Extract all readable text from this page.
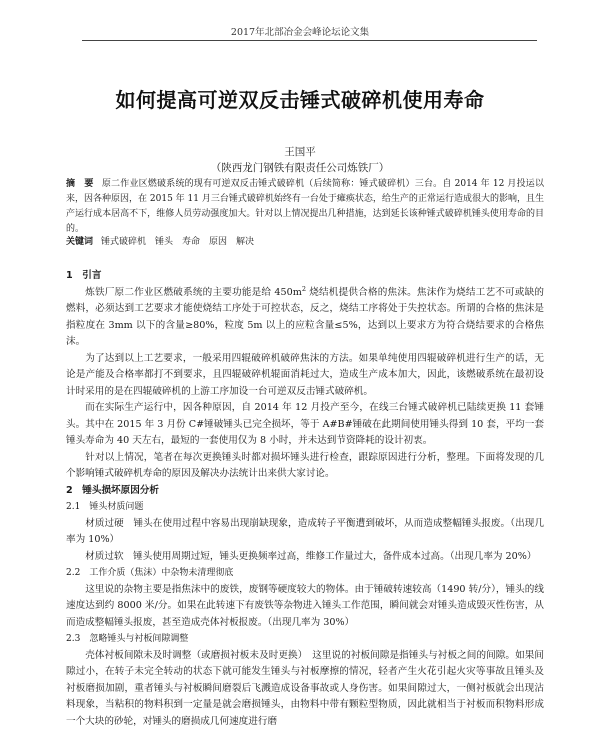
2017年北部冶金会峰论坛论文集
如何提高可逆双反击锤式破碎机使用寿命
王国平
（陕西龙门钢铁有限责任公司炼铁厂）
摘　要 原二作业区燃破系统的现有可逆双反击锤式破碎机（后续简称：锤式破碎机）三台。自 2014 年 12 月投运以来，因各种原因，在 2015 年 11 月三台锤式破碎机始终有一台处于瘫痪状态，给生产的正常运行造成很大的影响，且生产运行成本居高不下，维修人员劳动强度加大。针对以上情况提出几种措施，达到延长该种锤式破碎机锤头使用寿命的目的。
关键词 锤式破碎机　锤头　寿命　原因　解决

1　引言

炼铁厂原二作业区燃破系统的主要功能是给 $450m^2$ 烧结机提供合格的焦沫。焦沫作为烧结工艺不可或缺的燃料，必须达到工艺要求才能使烧结工序处于可控状态，反之，烧结工序将处于失控状态。所谓的合格的焦沫是指粒度在 3mm 以下的含量≥80%，粒度 5m 以上的应粒含量≤5%，达到以上要求方为符合烧结要求的合格焦沫。

为了达到以上工艺要求，一般采用四辊破碎机破碎焦沫的方法。如果单纯使用四辊破碎机进行生产的话，无论是产能及合格率都打不到要求，且四辊破碎机辊面消耗过大，造成生产成本加大，因此，该燃破系统在最初设计时采用的是在四辊破碎机的上游工序加设一台可逆双反击锤式破碎机。

而在实际生产运行中，因各种原因，自 2014 年 12 月投产至今，在线三台锤式破碎机已陆续更换 11 套锤头。其中在 2015 年 3 月份 C#锤破锤头已完全损坏，等于 A#B#锤破在此期间使用锤头得到 10 套，平均一套锤头寿命为 40 天左右，最短的一套使用仅为 8 小时，并未达到节资降耗的设计初衷。

针对以上情况，笔者在每次更换锤头时都对损坏锤头进行检查，跟踪原因进行分析，整理。下面将发现的几个影响锤式破碎机寿命的原因及解决办法统计出来供大家讨论。

2　锤头损坏原因分析

2.1　锤头材质问题

材质过硬　锤头在使用过程中容易出现崩缺现象，造成转子平衡遭到破坏，从而造成整幅锤头报废。（出现几率为 10%）

材质过软　锤头使用周期过短，锤头更换频率过高，维修工作量过大，备件成本过高。（出现几率为 20%）

2.2　工作介质（焦沫）中杂物未清理彻底

这里说的杂物主要是指焦沫中的废铁，废钢等硬度较大的物体。由于锤破转速较高（1490 转/分），锤头的线速度达到约 8000 米/分。如果在此转速下有废铁等杂物进入锤头工作范围，瞬间就会对锤头造成毁灭性伤害，从而造成整幅锤头报废，甚至造成壳体衬板报废。（出现几率为 30%）

2.3　忽略锤头与衬板间隙调整

壳体衬板间隙未及时调整（或磨损衬板未及时更换）　这里说的衬板间隙是指锤头与衬板之间的间隙。如果间隙过小，在转子未完全转动的状态下就可能发生锤头与衬板摩擦的情况，轻者产生火花引起火灾等事故且锤头及衬板磨损加剧，重者锤头与衬板瞬间磨裂后飞溅造成设备事故或人身伤害。如果间隙过大，一侧衬板就会出现沾料现象，当粘积的物料积到一定量是就会磨损锤头，由物料中带有颗粒型物质，因此就相当于衬板而积物料形成一个大块的砂轮，对锤头的磨损成几何速度进行磨
